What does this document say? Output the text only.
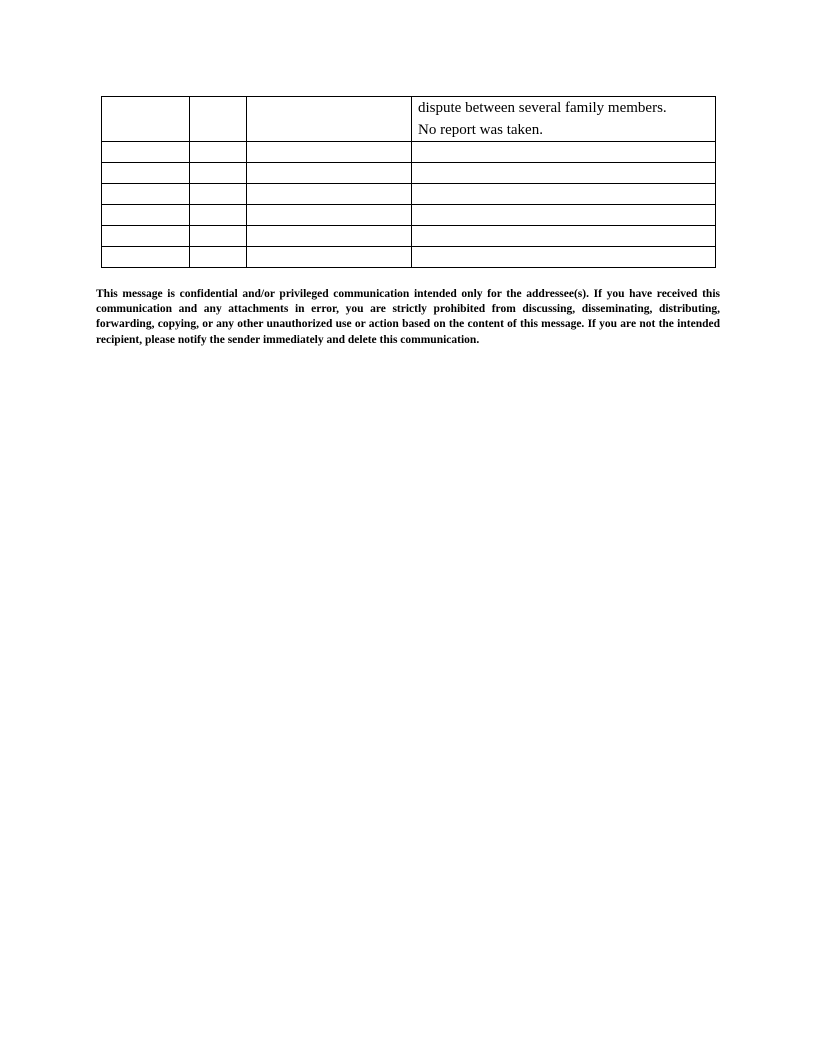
			dispute between several family members.
No report was taken.

This message is confidential and/or privileged communication intended only for the addressee(s). If you have received this communication and any attachments in error, you are strictly prohibited from discussing, disseminating, distributing, forwarding, copying, or any other unauthorized use or action based on the content of this message. If you are not the intended recipient, please notify the sender immediately and delete this communication.
